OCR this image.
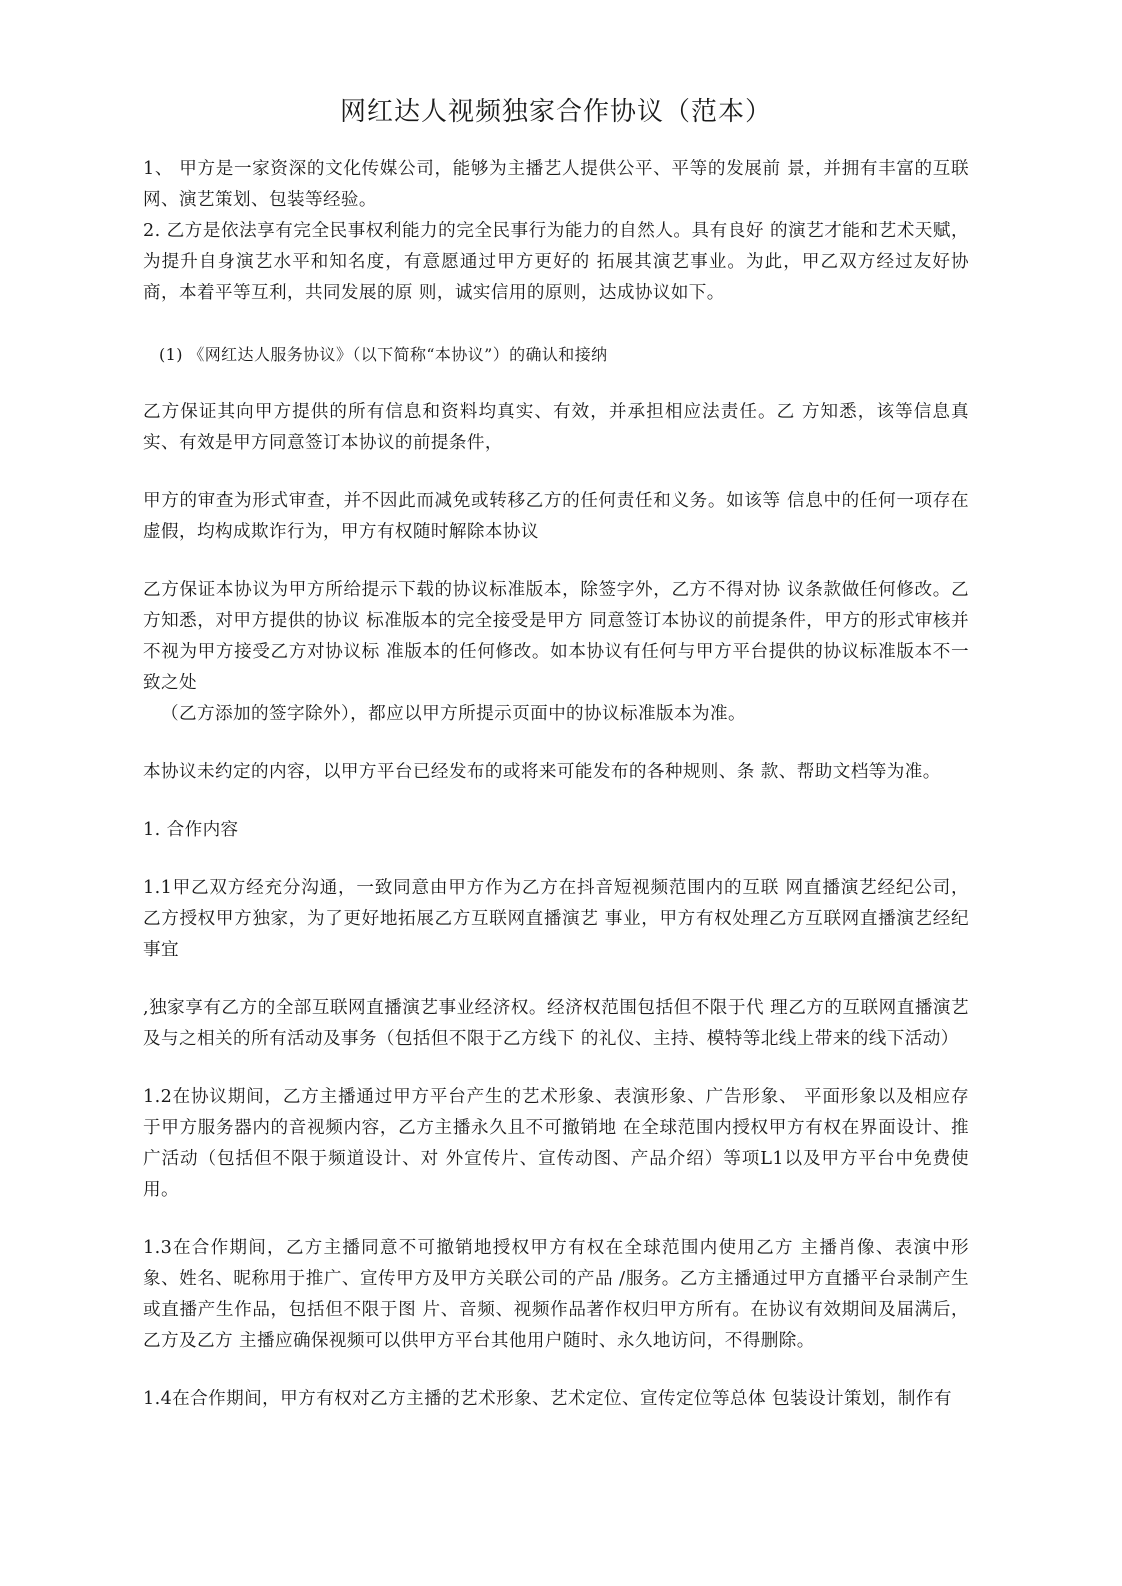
网红达人视频独家合作协议（范本）

1、 甲方是一家资深的文化传媒公司，能够为主播艺人提供公平、平等的发展前 景，并拥有丰富的互联网、演艺策划、包装等经验。

2. 乙方是依法享有完全民事权利能力的完全民事行为能力的自然人。具有良好 的演艺才能和艺术天赋，为提升自身演艺水平和知名度，有意愿通过甲方更好的 拓展其演艺事业。为此，甲乙双方经过友好协商，本着平等互利，共同发展的原 则，诚实信用的原则，达成协议如下。

(1) 《网红达人服务协议》（以下简称“本协议”）的确认和接纳

乙方保证其向甲方提供的所有信息和资料均真实、有效，并承担相应法责任。乙 方知悉，该等信息真实、有效是甲方同意签订本协议的前提条件，

甲方的审查为形式审查，并不因此而减免或转移乙方的任何责任和义务。如该等 信息中的任何一项存在虚假，均构成欺诈行为，甲方有权随时解除本协议

乙方保证本协议为甲方所给提示下载的协议标准版本，除签字外，乙方不得对协 议条款做任何修改。乙方知悉，对甲方提供的协议 标准版本的完全接受是甲方 同意签订本协议的前提条件，甲方的形式审核并不视为甲方接受乙方对协议标 准版本的任何修改。如本协议有任何与甲方平台提供的协议标准版本不一致之处

（乙方添加的签字除外），都应以甲方所提示页面中的协议标准版本为准。

本协议未约定的内容，以甲方平台已经发布的或将来可能发布的各种规则、条 款、帮助文档等为准。

1. 合作内容

1.1甲乙双方经充分沟通，一致同意由甲方作为乙方在抖音短视频范围内的互联 网直播演艺经纪公司，乙方授权甲方独家，为了更好地拓展乙方互联网直播演艺 事业，甲方有权处理乙方互联网直播演艺经纪事宜

,独家享有乙方的全部互联网直播演艺事业经济权。经济权范围包括但不限于代 理乙方的互联网直播演艺及与之相关的所有活动及事务（包括但不限于乙方线下 的礼仪、主持、模特等北线上带来的线下活动）

1.2在协议期间，乙方主播通过甲方平台产生的艺术形象、表演形象、广告形象、 平面形象以及相应存于甲方服务器内的音视频内容，乙方主播永久且不可撤销地 在全球范围内授权甲方有权在界面设计、推广活动（包括但不限于频道设计、对 外宣传片、宣传动图、产品介绍）等项L1以及甲方平台中免费使用。

1.3在合作期间，乙方主播同意不可撤销地授权甲方有权在全球范围内使用乙方 主播肖像、表演中形象、姓名、昵称用于推广、宣传甲方及甲方关联公司的产品 /服务。乙方主播通过甲方直播平台录制产生或直播产生作品，包括但不限于图 片、音频、视频作品著作权归甲方所有。在协议有效期间及届满后，乙方及乙方 主播应确保视频可以供甲方平台其他用户随时、永久地访问，不得删除。

1.4在合作期间，甲方有权对乙方主播的艺术形象、艺术定位、宣传定位等总体 包装设计策划，制作有
